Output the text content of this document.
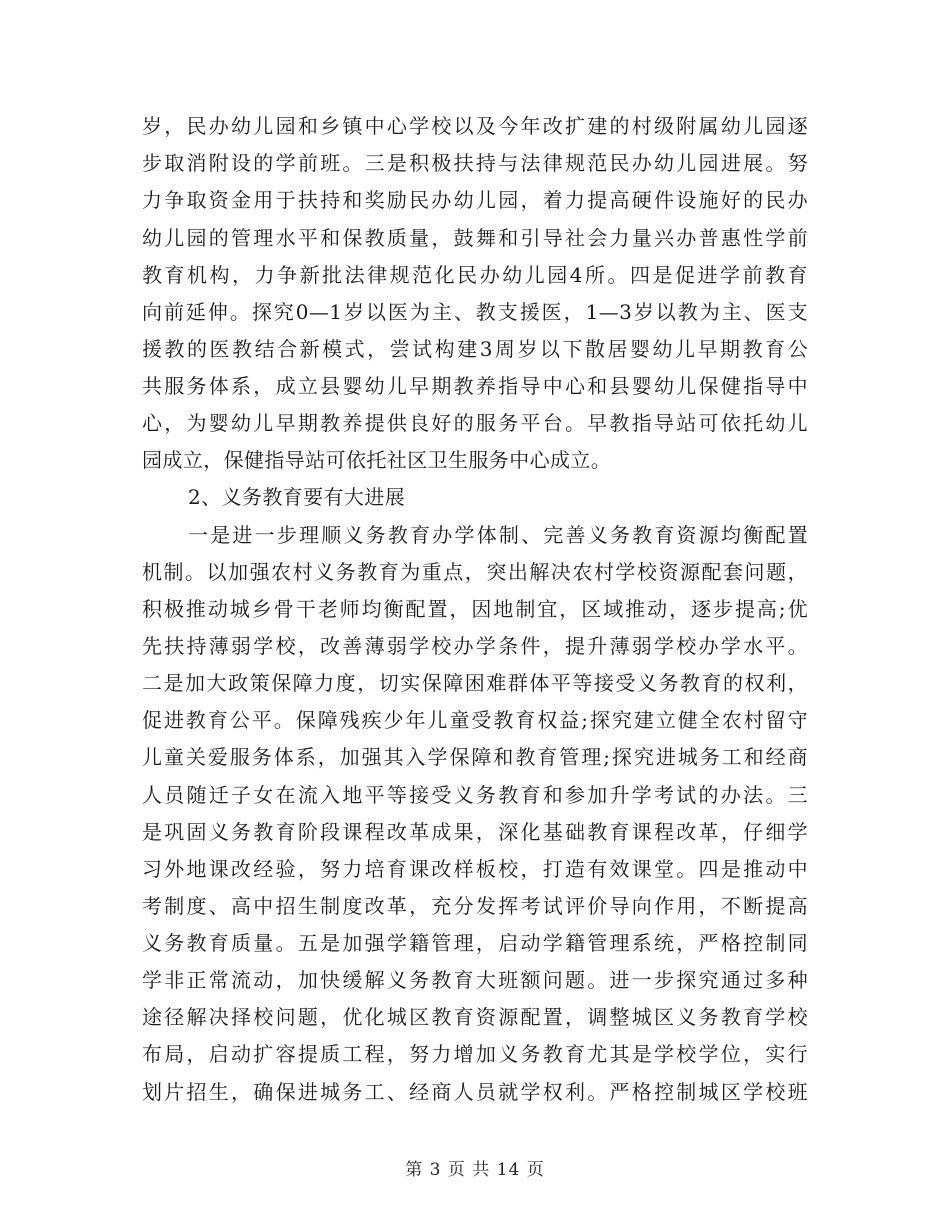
岁，民办幼儿园和乡镇中心学校以及今年改扩建的村级附属幼儿园逐
步取消附设的学前班。三是积极扶持与法律规范民办幼儿园进展。努
力争取资金用于扶持和奖励民办幼儿园，着力提高硬件设施好的民办
幼儿园的管理水平和保教质量，鼓舞和引导社会力量兴办普惠性学前
教育机构，力争新批法律规范化民办幼儿园4所。四是促进学前教育
向前延伸。探究0—1岁以医为主、教支援医，1—3岁以教为主、医支
援教的医教结合新模式，尝试构建3周岁以下散居婴幼儿早期教育公
共服务体系，成立县婴幼儿早期教养指导中心和县婴幼儿保健指导中
心，为婴幼儿早期教养提供良好的服务平台。早教指导站可依托幼儿
园成立，保健指导站可依托社区卫生服务中心成立。
2、义务教育要有大进展
一是进一步理顺义务教育办学体制、完善义务教育资源均衡配置
机制。以加强农村义务教育为重点，突出解决农村学校资源配套问题，
积极推动城乡骨干老师均衡配置，因地制宜，区域推动，逐步提高;优
先扶持薄弱学校，改善薄弱学校办学条件，提升薄弱学校办学水平。
二是加大政策保障力度，切实保障困难群体平等接受义务教育的权利，
促进教育公平。保障残疾少年儿童受教育权益;探究建立健全农村留守
儿童关爱服务体系，加强其入学保障和教育管理;探究进城务工和经商
人员随迁子女在流入地平等接受义务教育和参加升学考试的办法。三
是巩固义务教育阶段课程改革成果，深化基础教育课程改革，仔细学
习外地课改经验，努力培育课改样板校，打造有效课堂。四是推动中
考制度、高中招生制度改革，充分发挥考试评价导向作用，不断提高
义务教育质量。五是加强学籍管理，启动学籍管理系统，严格控制同
学非正常流动，加快缓解义务教育大班额问题。进一步探究通过多种
途径解决择校问题，优化城区教育资源配置，调整城区义务教育学校
布局，启动扩容提质工程，努力增加义务教育尤其是学校学位，实行
划片招生，确保进城务工、经商人员就学权利。严格控制城区学校班
第 3 页 共 14 页
